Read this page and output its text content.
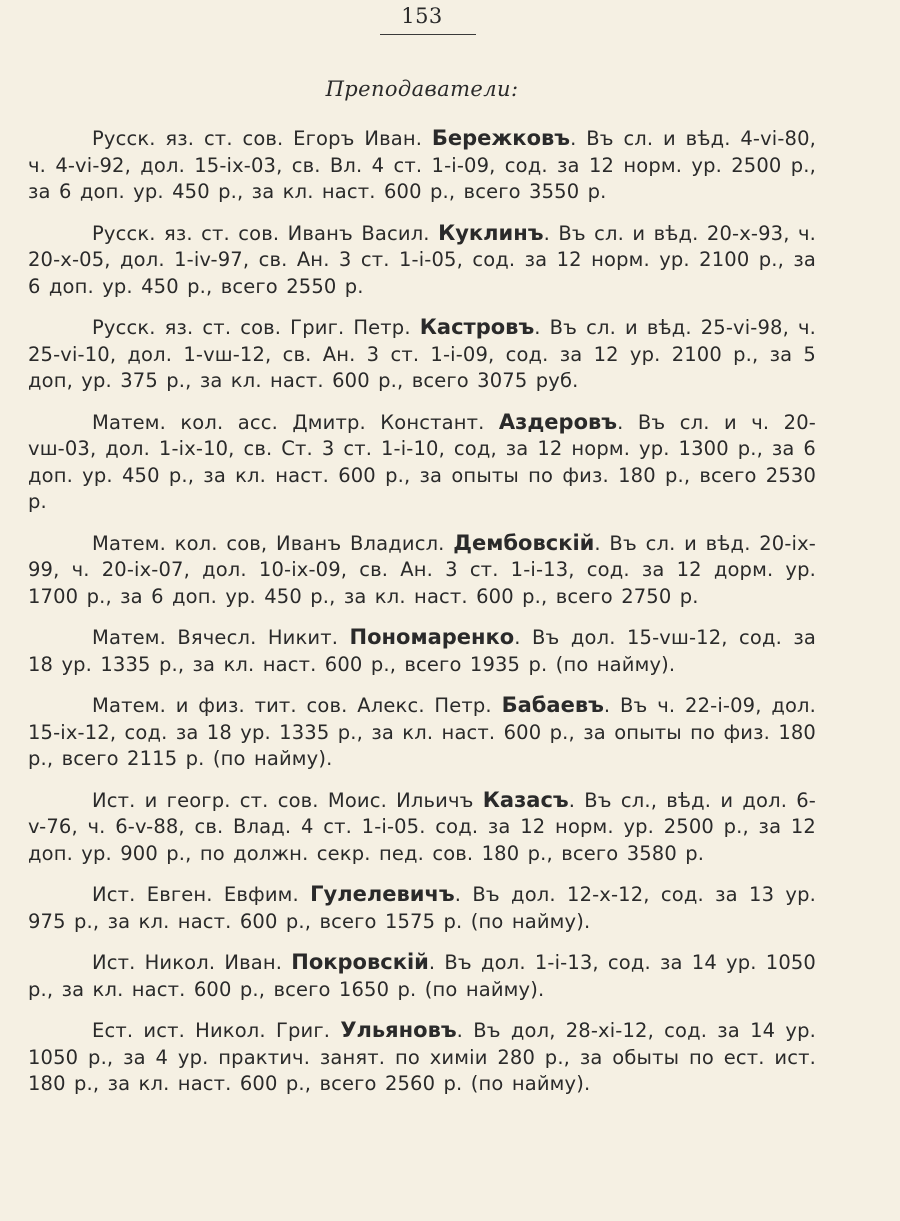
153
Преподаватели:

Русск. яз. ст. сов. Егоръ Иван. Бережковъ. Въ сл. и вѣд. 4-vi-80, ч. 4-vi-92, дол. 15-ix-03, св. Вл. 4 ст. 1-i-09, сод. за 12 норм. ур. 2500 р., за 6 доп. ур. 450 р., за кл. наст. 600 р., всего 3550 р.

Русск. яз. ст. сов. Иванъ Васил. Куклинъ. Въ сл. и вѣд. 20-x-93, ч. 20-x-05, дол. 1-iv-97, св. Ан. 3 ст. 1-i-05, сод. за 12 норм. ур. 2100 р., за 6 доп. ур. 450 р., всего 2550 р.

Русск. яз. ст. сов. Григ. Петр. Кастровъ. Въ сл. и вѣд. 25-vi-98, ч. 25-vi-10, дол. 1-vш-12, св. Ан. 3 ст. 1-i-09, сод. за 12 ур. 2100 р., за 5 доп, ур. 375 р., за кл. наст. 600 р., всего 3075 руб.

Матем. кол. асс. Дмитр. Констант. Аздеровъ. Въ сл. и ч. 20-vш-03, дол. 1-ix-10, св. Ст. 3 ст. 1-i-10, сод, за 12 норм. ур. 1300 р., за 6 доп. ур. 450 р., за кл. наст. 600 р., за опыты по физ. 180 р., всего 2530 р.

Матем. кол. сов, Иванъ Владисл. Дембовскій. Въ сл. и вѣд. 20-ix-99, ч. 20-ix-07, дол. 10-ix-09, св. Ан. 3 ст. 1-i-13, сод. за 12 дорм. ур. 1700 р., за 6 доп. ур. 450 р., за кл. наст. 600 р., всего 2750 р.

Матем. Вячесл. Никит. Пономаренко. Въ дол. 15-vш-12, сод. за 18 ур. 1335 р., за кл. наст. 600 р., всего 1935 р. (по найму).

Матем. и физ. тит. сов. Алекс. Петр. Бабаевъ. Въ ч. 22-i-09, дол. 15-ix-12, сод. за 18 ур. 1335 р., за кл. наст. 600 р., за опыты по физ. 180 р., всего 2115 р. (по найму).

Ист. и геогр. ст. сов. Моис. Ильичъ Казасъ. Въ сл., вѣд. и дол. 6-v-76, ч. 6-v-88, св. Влад. 4 ст. 1-i-05. сод. за 12 норм. ур. 2500 р., за 12 доп. ур. 900 р., по должн. секр. пед. сов. 180 р., всего 3580 р.

Ист. Евген. Евфим. Гулелевичъ. Въ дол. 12-x-12, сод. за 13 ур. 975 р., за кл. наст. 600 р., всего 1575 р. (по найму).

Ист. Никол. Иван. Покровскій. Въ дол. 1-i-13, сод. за 14 ур. 1050 р., за кл. наст. 600 р., всего 1650 р. (по найму).

Ест. ист. Никол. Григ. Ульяновъ. Въ дол, 28-xi-12, сод. за 14 ур. 1050 р., за 4 ур. практич. занят. по химіи 280 р., за обыты по ест. ист. 180 р., за кл. наст. 600 р., всего 2560 р. (по найму).
